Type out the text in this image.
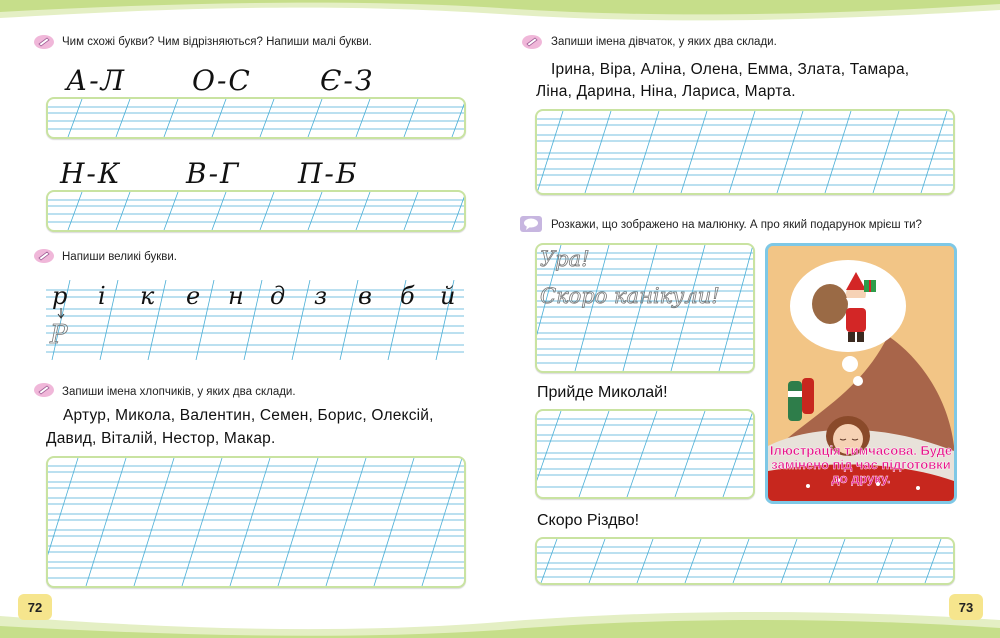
Чим схожі букви? Чим відрізняються? Напиши малі букви.
А-Л О-С Є-З
Н-К В-Г П-Б
Напиши великі букви.
р і к е н д з в б й
Р
Запиши імена хлопчиків, у яких два склади.
Артур, Микола, Валентин, Семен, Борис, Олексій,
Давид, Віталій, Нестор, Макар.
72
Запиши імена дівчаток, у яких два склади.
Ірина, Віра, Аліна, Олена, Емма, Злата, Тамара,
Ліна, Дарина, Ніна, Лариса, Марта.
Розкажи, що зображено на малюнку. А про який подарунок мрієш ти?
Ура!
Скоро канікули!
Прийде Миколай!
Скоро Різдво!
Ілюстрація тимчасова. Буде замінено під час підготовки до друку.
73
